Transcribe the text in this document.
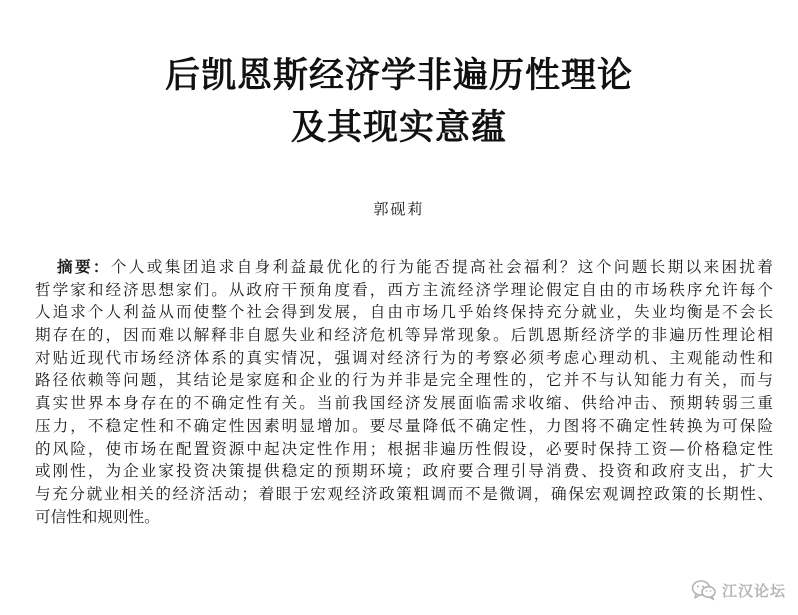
后凯恩斯经济学非遍历性理论
及其现实意蕴
郭砚莉
摘要：个人或集团追求自身利益最优化的行为能否提高社会福利？这个问题长期以来困扰着
哲学家和经济思想家们。从政府干预角度看，西方主流经济学理论假定自由的市场秩序允许每个
人追求个人利益从而使整个社会得到发展，自由市场几乎始终保持充分就业，失业均衡是不会长
期存在的，因而难以解释非自愿失业和经济危机等异常现象。后凯恩斯经济学的非遍历性理论相
对贴近现代市场经济体系的真实情况，强调对经济行为的考察必须考虑心理动机、主观能动性和
路径依赖等问题，其结论是家庭和企业的行为并非是完全理性的，它并不与认知能力有关，而与
真实世界本身存在的不确定性有关。当前我国经济发展面临需求收缩、供给冲击、预期转弱三重
压力，不稳定性和不确定性因素明显增加。要尽量降低不确定性，力图将不确定性转换为可保险
的风险，使市场在配置资源中起决定性作用；根据非遍历性假设，必要时保持工资—价格稳定性
或刚性，为企业家投资决策提供稳定的预期环境；政府要合理引导消费、投资和政府支出，扩大
与充分就业相关的经济活动；着眼于宏观经济政策粗调而不是微调，确保宏观调控政策的长期性、
可信性和规则性。
江汉论坛
